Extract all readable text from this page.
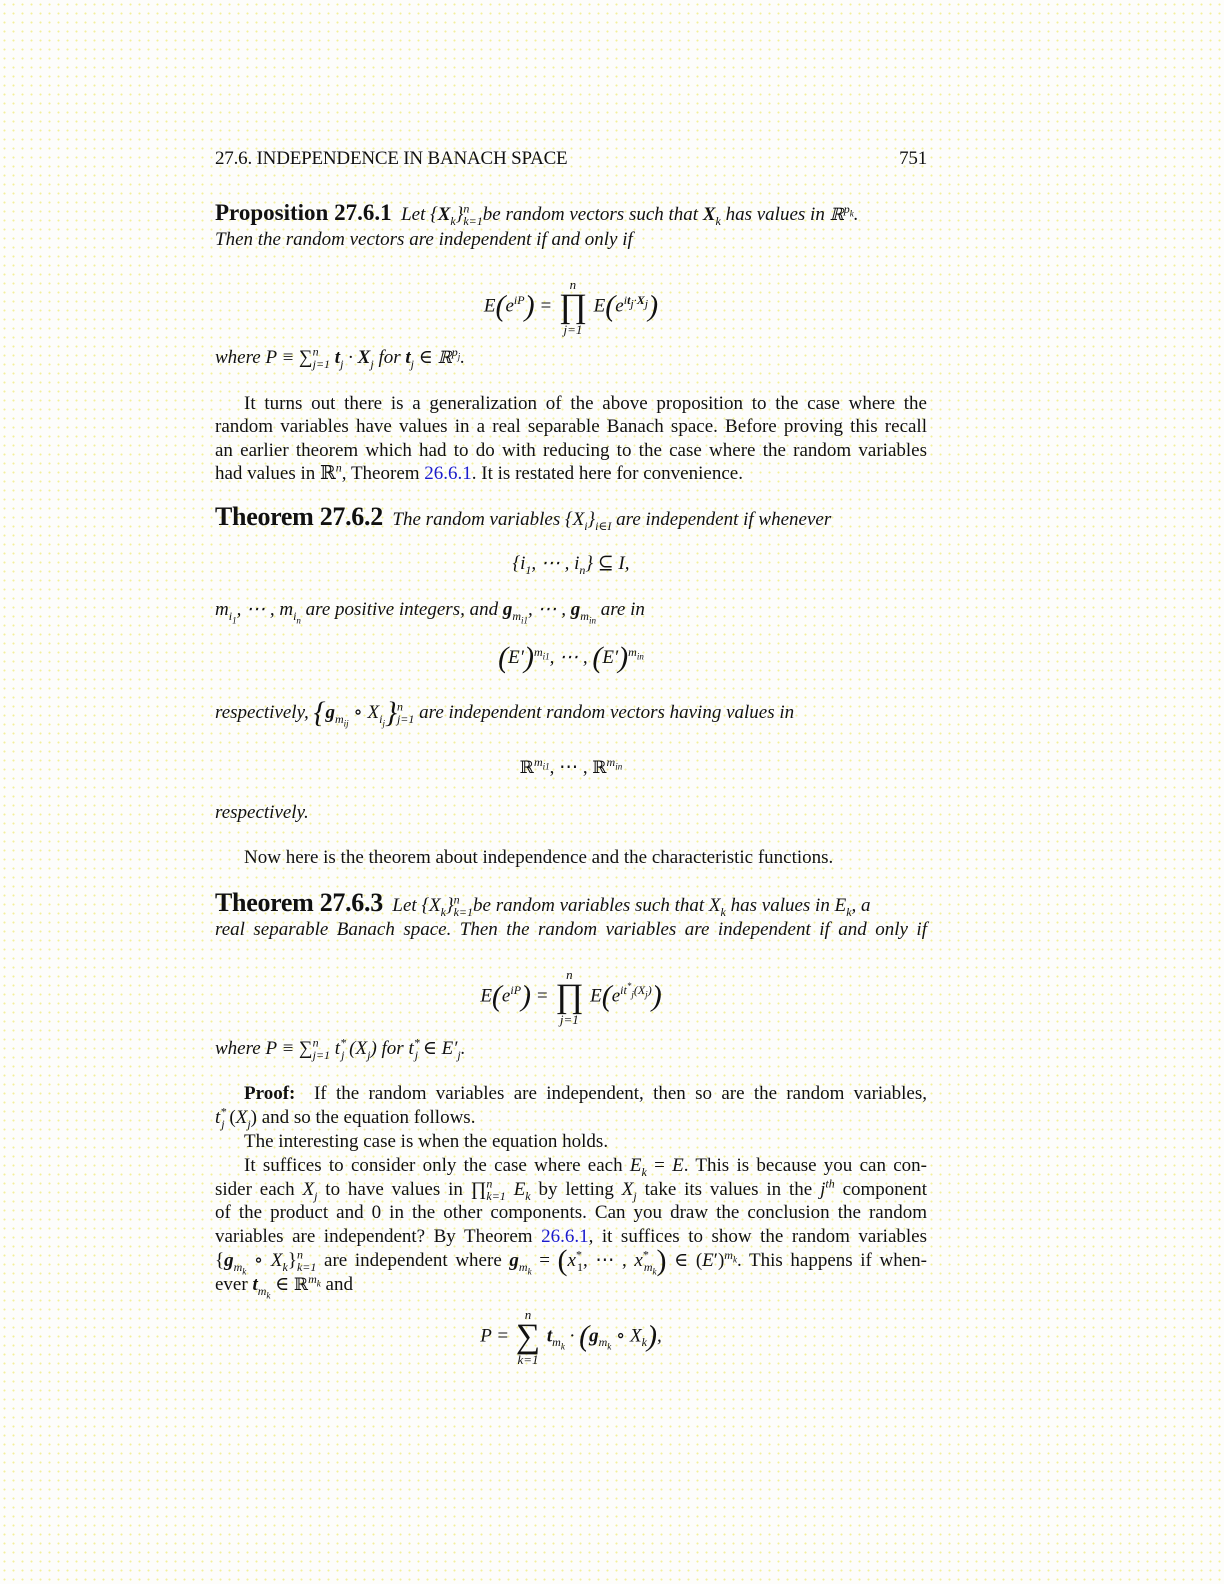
27.6. INDEPENDENCE IN BANACH SPACE	751
Proposition 27.6.1  Let $\{X_k\}^n_{k=1}be$ random vectors such that $X_k$ has values in ℝ$^{p_k}$.
Then the random vectors are independent if and only if
$E(e^{iP})$ =
n
∏
j=1
$E(e^{it_j\cdot X_j})$
where P ≡ ∑$^n_{j=1}$ $t_j \cdot X_j$ for $t_j$ ∈ ℝ$^{p_j}$.
It turns out there is a generalization of the above proposition to the case where the
random variables have values in a real separable Banach space. Before proving this recall
an earlier theorem which had to do with reducing to the case where the random variables
had values in ℝ$^n$, Theorem 26.6.1. It is restated here for convenience.
Theorem 27.6.2  The random variables $\{X_i\}_{i\in I}$ are independent if whenever
{$i_1$, ⋯ , $i_n$} ⊆ I,
$m_{i_1}$, ⋯ , $m_{i_n}$ are positive integers, and $g_{m_{i1}}$, ⋯ , $g_{m_{in}}$ are in
$(E')^{m_{i1}}$, ⋯ , $(E')^{m_{in}}$
respectively, {$g_{m_{ij}}$ ∘ $X_{i_j}\}^n_{j=1}$ are independent random vectors having values in
ℝ$^{m_{i1}}$, ⋯ , ℝ$^{m_{in}}$
respectively.
Now here is the theorem about independence and the characteristic functions.
Theorem 27.6.3  Let $\{X_k\}^n_{k=1}be$ random variables such that $X_k$ has values in $E_k$, a
real separable Banach space. Then the random variables are independent if and only if
$E(e^{iP})$ =
n
∏
j=1
$E(e^{it^*_j(X_j)})$
where P ≡ ∑$^n_{j=1}$ $t^*_j$ $(X_j)$ for $t^*_j$ ∈ $E'_j$.
Proof: If the random variables are independent, then so are the random variables,
$t^*_j$ $(X_j)$ and so the equation follows.
The interesting case is when the equation holds.
It suffices to consider only the case where each $E_k = E$. This is because you can con-
sider each $X_j$ to have values in ∏$^n_{k=1}$ $E_k$ by letting $X_j$ take its values in the $j^{th}$ component
of the product and 0 in the other components. Can you draw the conclusion the random
variables are independent? By Theorem 26.6.1, it suffices to show the random variables
{$g_{m_k}$ ∘ $X_k\}^n_{k=1}$ are independent where $g_{m_k} = (x^*_1$, ⋯ , $x^*_{m_k}$) ∈ $(E')^{m_k}$. This happens if when-
ever $t_{m_k}$ ∈ ℝ$^{m_k}$ and
P =
n
∑
k=1
$t_{m_k} \cdot (g_{m_k}$ ∘ $X_k$),
